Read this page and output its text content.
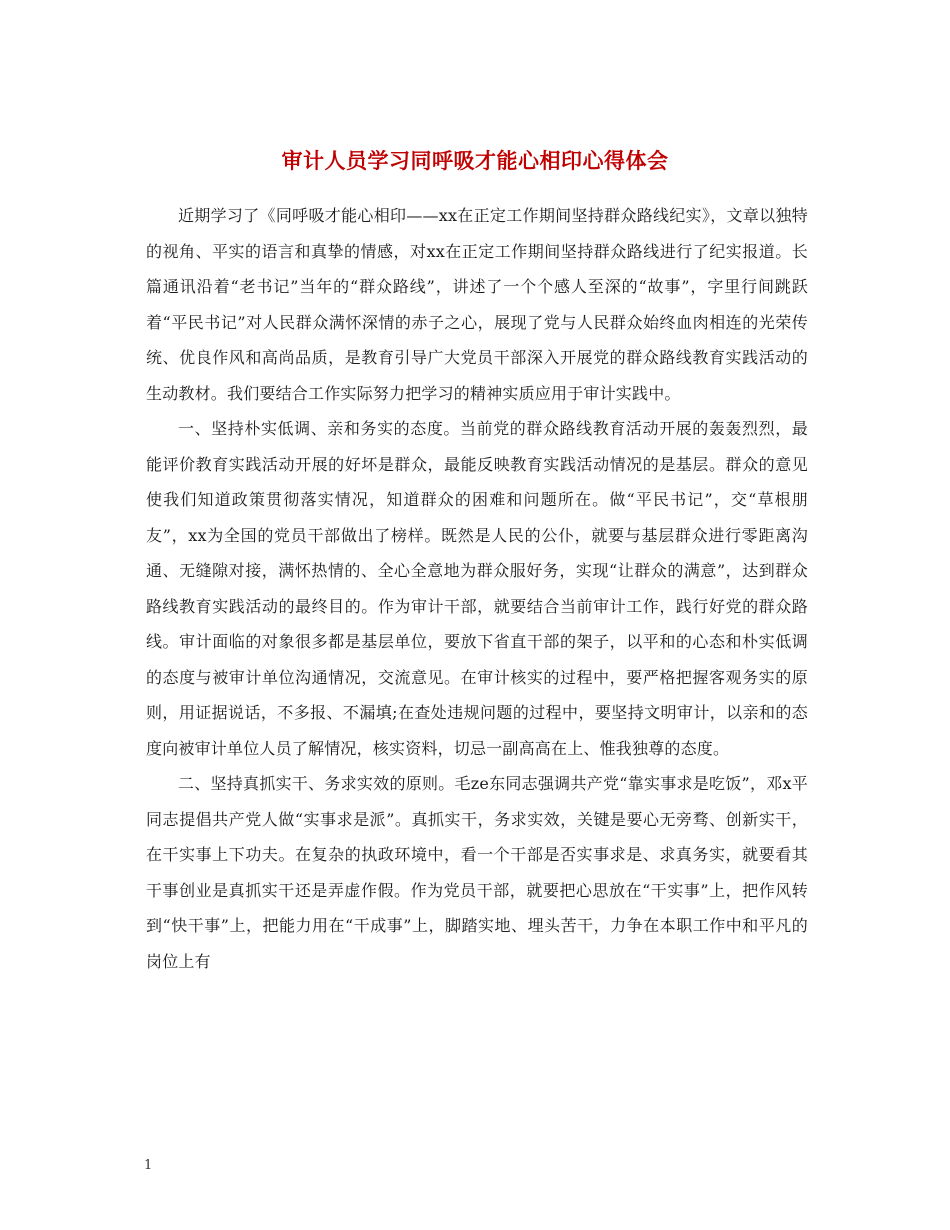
审计人员学习同呼吸才能心相印心得体会

近期学习了《同呼吸才能心相印——xx在正定工作期间坚持群众路线纪实》，文章以独特的视角、平实的语言和真挚的情感，对xx在正定工作期间坚持群众路线进行了纪实报道。长篇通讯沿着“老书记”当年的“群众路线”，讲述了一个个感人至深的“故事”，字里行间跳跃着“平民书记”对人民群众满怀深情的赤子之心，展现了党与人民群众始终血肉相连的光荣传统、优良作风和高尚品质，是教育引导广大党员干部深入开展党的群众路线教育实践活动的生动教材。我们要结合工作实际努力把学习的精神实质应用于审计实践中。

一、坚持朴实低调、亲和务实的态度。当前党的群众路线教育活动开展的轰轰烈烈，最能评价教育实践活动开展的好坏是群众，最能反映教育实践活动情况的是基层。群众的意见使我们知道政策贯彻落实情况，知道群众的困难和问题所在。做“平民书记”，交“草根朋友”，xx为全国的党员干部做出了榜样。既然是人民的公仆，就要与基层群众进行零距离沟通、无缝隙对接，满怀热情的、全心全意地为群众服好务，实现“让群众的满意”，达到群众路线教育实践活动的最终目的。作为审计干部，就要结合当前审计工作，践行好党的群众路线。审计面临的对象很多都是基层单位，要放下省直干部的架子，以平和的心态和朴实低调的态度与被审计单位沟通情况，交流意见。在审计核实的过程中，要严格把握客观务实的原则，用证据说话，不多报、不漏填;在查处违规问题的过程中，要坚持文明审计，以亲和的态度向被审计单位人员了解情况，核实资料，切忌一副高高在上、惟我独尊的态度。

二、坚持真抓实干、务求实效的原则。毛ze东同志强调共产党“靠实事求是吃饭”，邓x平同志提倡共产党人做“实事求是派”。真抓实干，务求实效，关键是要心无旁骛、创新实干，在干实事上下功夫。在复杂的执政环境中，看一个干部是否实事求是、求真务实，就要看其干事创业是真抓实干还是弄虚作假。作为党员干部，就要把心思放在“干实事”上，把作风转到“快干事”上，把能力用在“干成事”上，脚踏实地、埋头苦干，力争在本职工作中和平凡的岗位上有

1
